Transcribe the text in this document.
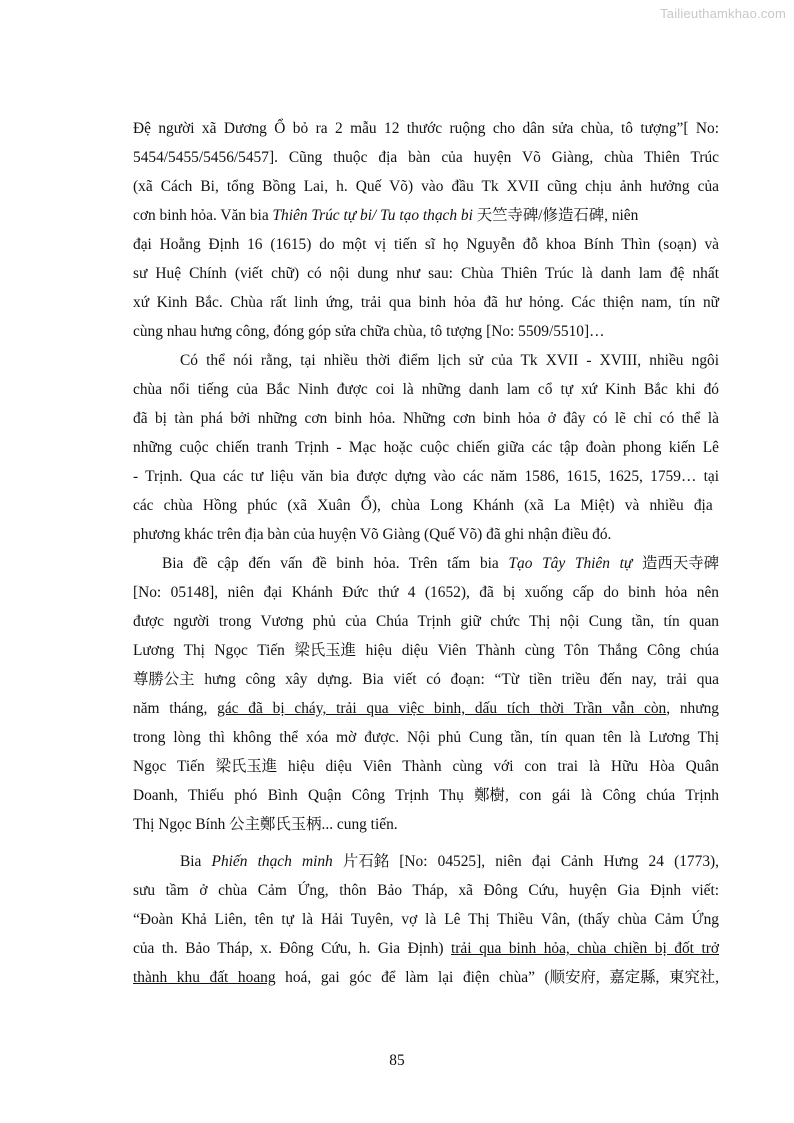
Tailieuthamkhao.com
Đệ người xã Dương Ổ bỏ ra 2 mẫu 12 thước ruộng cho dân sửa chùa, tô tượng”[ No:
5454/5455/5456/5457]. Cũng thuộc địa bàn của huyện Võ Giàng, chùa Thiên Trúc
(xã Cách Bi, tổng Bồng Lai, h. Quế Võ) vào đầu Tk XVII cũng chịu ảnh hưởng của
cơn binh hỏa. Văn bia Thiên Trúc tự bi/ Tu tạo thạch bi 天竺寺碑/修造石碑, niên
đại Hoằng Định 16 (1615) do một vị tiến sĩ họ Nguyễn đỗ khoa Bính Thìn (soạn) và
sư Huệ Chính (viết chữ) có nội dung như sau: Chùa Thiên Trúc là danh lam đệ nhất
xứ Kinh Bắc. Chùa rất linh ứng, trải qua binh hỏa đã hư hỏng. Các thiện nam, tín nữ
cùng nhau hưng công, đóng góp sửa chữa chùa, tô tượng [No: 5509/5510]…
Có thể nói rằng, tại nhiều thời điểm lịch sử của Tk XVII - XVIII, nhiều ngôi
chùa nổi tiếng của Bắc Ninh được coi là những danh lam cổ tự xứ Kinh Bắc khi đó
đã bị tàn phá bởi những cơn binh hỏa. Những cơn binh hỏa ở đây có lẽ chỉ có thể là
những cuộc chiến tranh Trịnh - Mạc hoặc cuộc chiến giữa các tập đoàn phong kiến Lê
- Trịnh. Qua các tư liệu văn bia được dựng vào các năm 1586, 1615, 1625, 1759… tại
các chùa Hồng phúc (xã Xuân Ổ), chùa Long Khánh (xã La Miệt) và nhiều địa
phương khác trên địa bàn của huyện Võ Giàng (Quế Võ) đã ghi nhận điều đó.
Bia đề cập đến vấn đề binh hỏa. Trên tấm bia Tạo Tây Thiên tự 造西天寺碑
[No: 05148], niên đại Khánh Đức thứ 4 (1652), đã bị xuống cấp do binh hỏa nên
được người trong Vương phủ của Chúa Trịnh giữ chức Thị nội Cung tần, tín quan
Lương Thị Ngọc Tiến 梁氏玉進 hiệu diệu Viên Thành cùng Tôn Thắng Công chúa
尊勝公主 hưng công xây dựng. Bia viết có đoạn: “Từ tiền triều đến nay, trải qua
năm tháng, gác đã bị cháy, trải qua việc binh, dấu tích thời Trần vẫn còn, nhưng
trong lòng thì không thể xóa mờ được. Nội phủ Cung tần, tín quan tên là Lương Thị
Ngọc Tiến 梁氏玉進 hiệu diệu Viên Thành cùng với con trai là Hữu Hòa Quân
Doanh, Thiếu phó Bình Quận Công Trịnh Thụ 鄭樹, con gái là Công chúa Trịnh
Thị Ngọc Bính 公主鄭氏玉柄... cung tiến.
Bia Phiến thạch minh 片石銘 [No: 04525], niên đại Cảnh Hưng 24 (1773),
sưu tầm ở chùa Cảm Ứng, thôn Bảo Tháp, xã Đông Cứu, huyện Gia Định viết:
“Đoàn Khả Liên, tên tự là Hải Tuyên, vợ là Lê Thị Thiều Vân, (thấy chùa Cảm Ứng
của th. Bảo Tháp, x. Đông Cứu, h. Gia Định) trải qua binh hỏa, chùa chiền bị đốt trở
thành khu đất hoang hoá, gai góc để làm lại điện chùa” (顺安府, 嘉定縣, 東究社,
85
